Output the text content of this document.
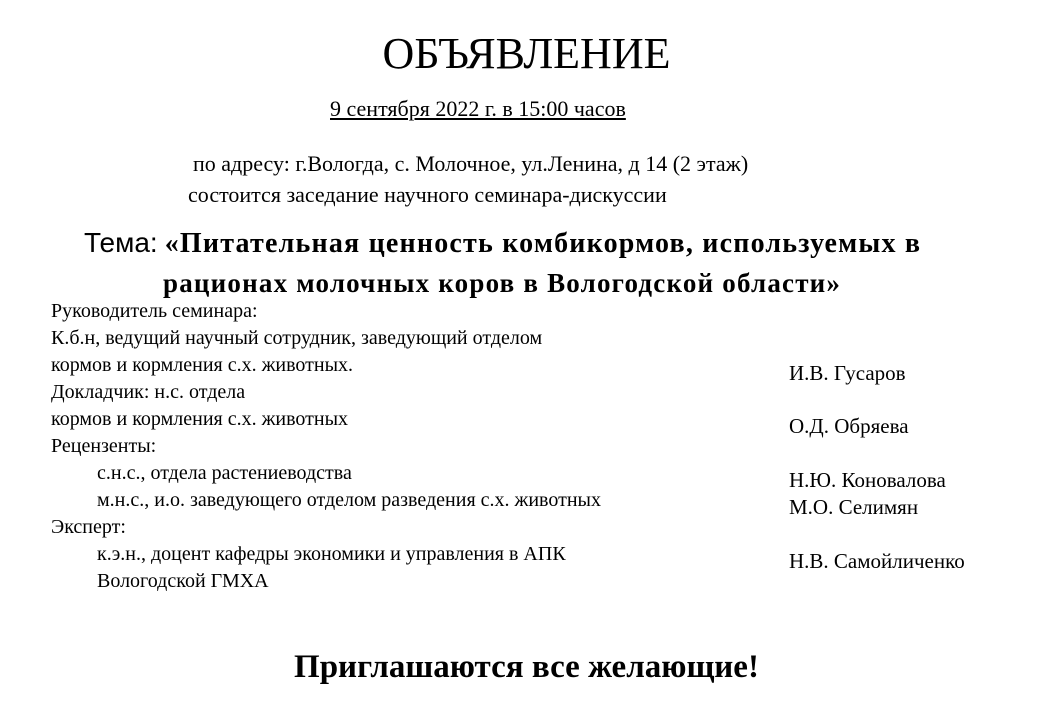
ОБЪЯВЛЕНИЕ
9 сентября 2022 г. в 15:00 часов
по адресу: г.Вологда, с. Молочное, ул.Ленина, д 14 (2 этаж)
состоится заседание научного семинара-дискуссии
Тема: «Питательная ценность комбикормов, используемых в
рационах молочных коров в Вологодской области»
Руководитель семинара:
К.б.н, ведущий научный сотрудник, заведующий отделом
кормов и кормления с.х. животных.	И.В. Гусаров
Докладчик: н.с. отдела
кормов и кормления с.х. животных	О.Д. Обряева
Рецензенты:
с.н.с., отдела растениеводства	Н.Ю. Коновалова
м.н.с., и.о. заведующего отделом разведения с.х. животных	М.О. Селимян
Эксперт:
к.э.н., доцент кафедры экономики и управления в АПК	Н.В. Самойличенко
Вологодской ГМХА
Приглашаются все желающие!
